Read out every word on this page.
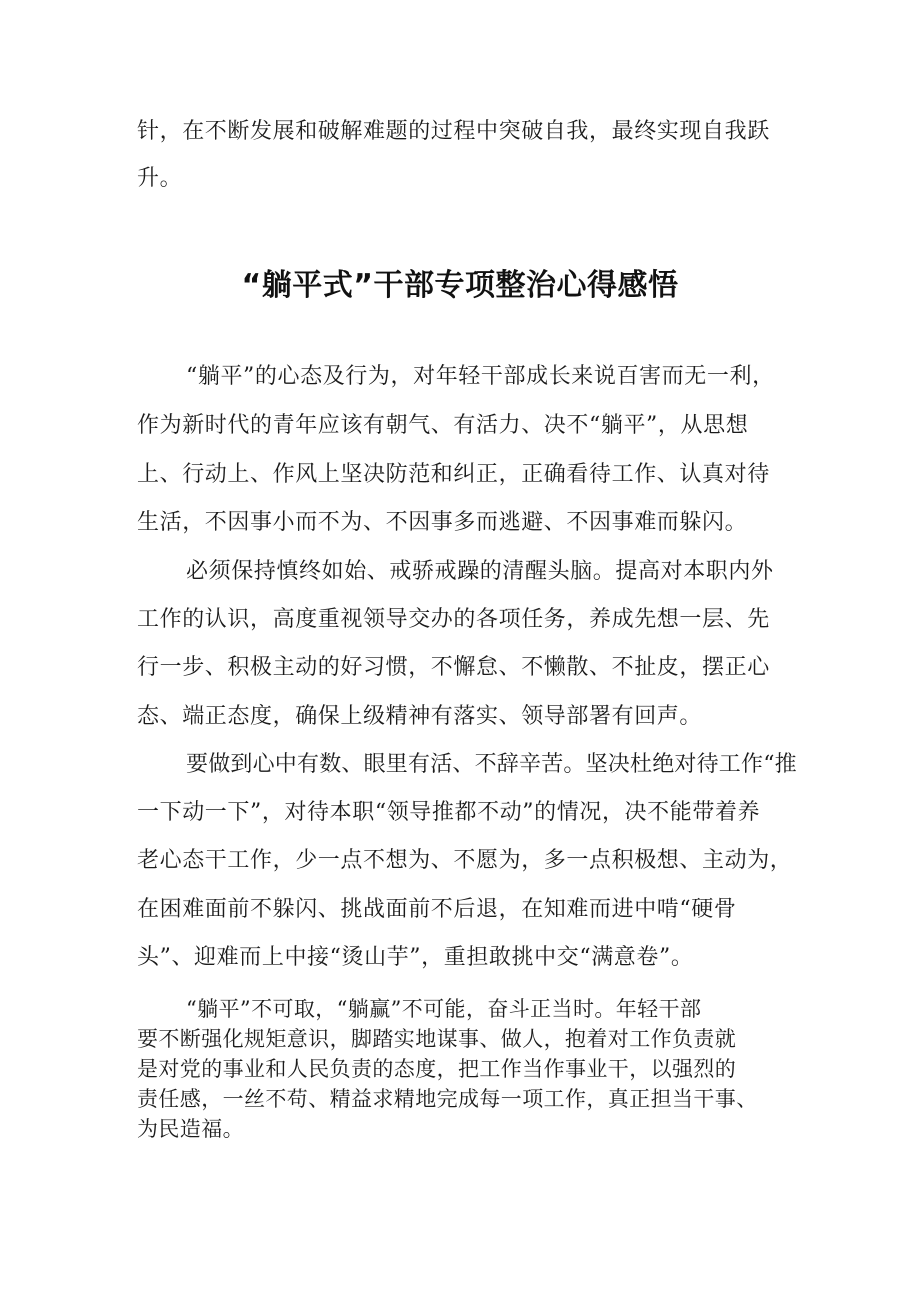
针，在不断发展和破解难题的过程中突破自我，最终实现自我跃
升。
“躺平式”干部专项整治心得感悟
“躺平”的心态及行为，对年轻干部成长来说百害而无一利，
作为新时代的青年应该有朝气、有活力、决不“躺平”，从思想
上、行动上、作风上坚决防范和纠正，正确看待工作、认真对待
生活，不因事小而不为、不因事多而逃避、不因事难而躲闪。
必须保持慎终如始、戒骄戒躁的清醒头脑。提高对本职内外
工作的认识，高度重视领导交办的各项任务，养成先想一层、先
行一步、积极主动的好习惯，不懈怠、不懒散、不扯皮，摆正心
态、端正态度，确保上级精神有落实、领导部署有回声。
要做到心中有数、眼里有活、不辞辛苦。坚决杜绝对待工作“推
一下动一下”，对待本职“领导推都不动”的情况，决不能带着养
老心态干工作，少一点不想为、不愿为，多一点积极想、主动为，
在困难面前不躲闪、挑战面前不后退，在知难而进中啃“硬骨
头”、迎难而上中接“烫山芋”，重担敢挑中交“满意卷”。
“躺平”不可取，“躺赢”不可能，奋斗正当时。年轻干部
要不断强化规矩意识，脚踏实地谋事、做人，抱着对工作负责就
是对党的事业和人民负责的态度，把工作当作事业干，以强烈的
责任感，一丝不苟、精益求精地完成每一项工作，真正担当干事、
为民造福。
